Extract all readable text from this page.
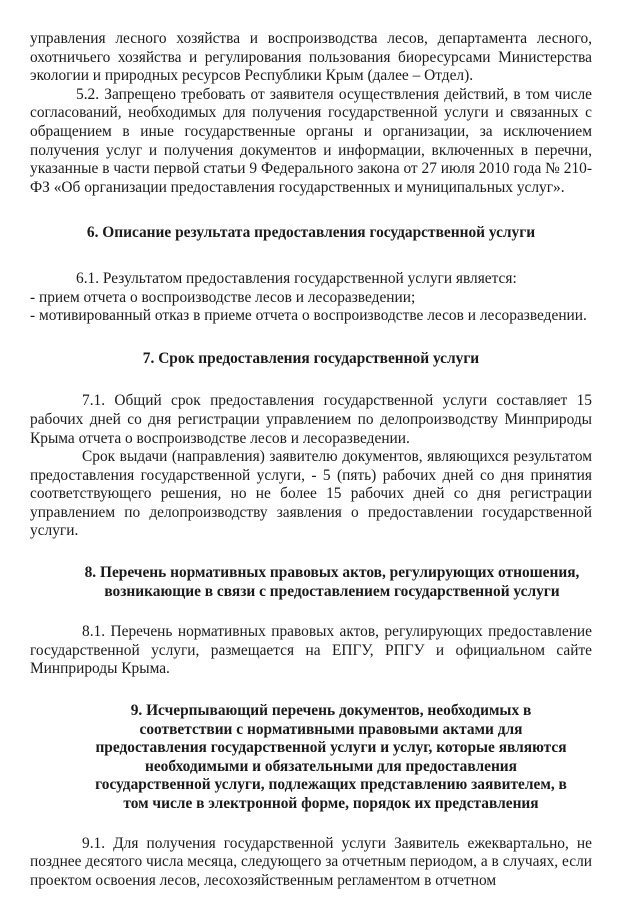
управления лесного хозяйства и воспроизводства лесов, департамента лесного, охотничьего хозяйства и регулирования пользования биоресурсами Министерства экологии и природных ресурсов Республики Крым (далее – Отдел).

5.2. Запрещено требовать от заявителя осуществления действий, в том числе согласований, необходимых для получения государственной услуги и связанных с обращением в иные государственные органы и организации, за исключением получения услуг и получения документов и информации, включенных в перечни, указанные в части первой статьи 9 Федерального закона от 27 июля 2010 года № 210-ФЗ «Об организации предоставления государственных и муниципальных услуг».

6. Описание результата предоставления государственной услуги

6.1. Результатом предоставления государственной услуги является:

- прием отчета о воспроизводстве лесов и лесоразведении;

- мотивированный отказ в приеме отчета о воспроизводстве лесов и лесоразведении.

7. Срок предоставления государственной услуги

7.1. Общий срок предоставления государственной услуги составляет 15 рабочих дней со дня регистрации управлением по делопроизводству Минприроды Крыма отчета о воспроизводстве лесов и лесоразведении.

Срок выдачи (направления) заявителю документов, являющихся результатом предоставления государственной услуги, - 5 (пять) рабочих дней со дня принятия соответствующего решения, но не более 15 рабочих дней со дня регистрации управлением по делопроизводству заявления о предоставлении государственной услуги.

8. Перечень нормативных правовых актов, регулирующих отношения, возникающие в связи с предоставлением государственной услуги

8.1. Перечень нормативных правовых актов, регулирующих предоставление государственной услуги, размещается на ЕПГУ, РПГУ и официальном сайте Минприроды Крыма.

9. Исчерпывающий перечень документов, необходимых в соответствии с нормативными правовыми актами для предоставления государственной услуги и услуг, которые являются необходимыми и обязательными для предоставления государственной услуги, подлежащих представлению заявителем, в том числе в электронной форме, порядок их представления

9.1. Для получения государственной услуги Заявитель ежеквартально, не позднее десятого числа месяца, следующего за отчетным периодом, а в случаях, если проектом освоения лесов, лесохозяйственным регламентом в отчетном
